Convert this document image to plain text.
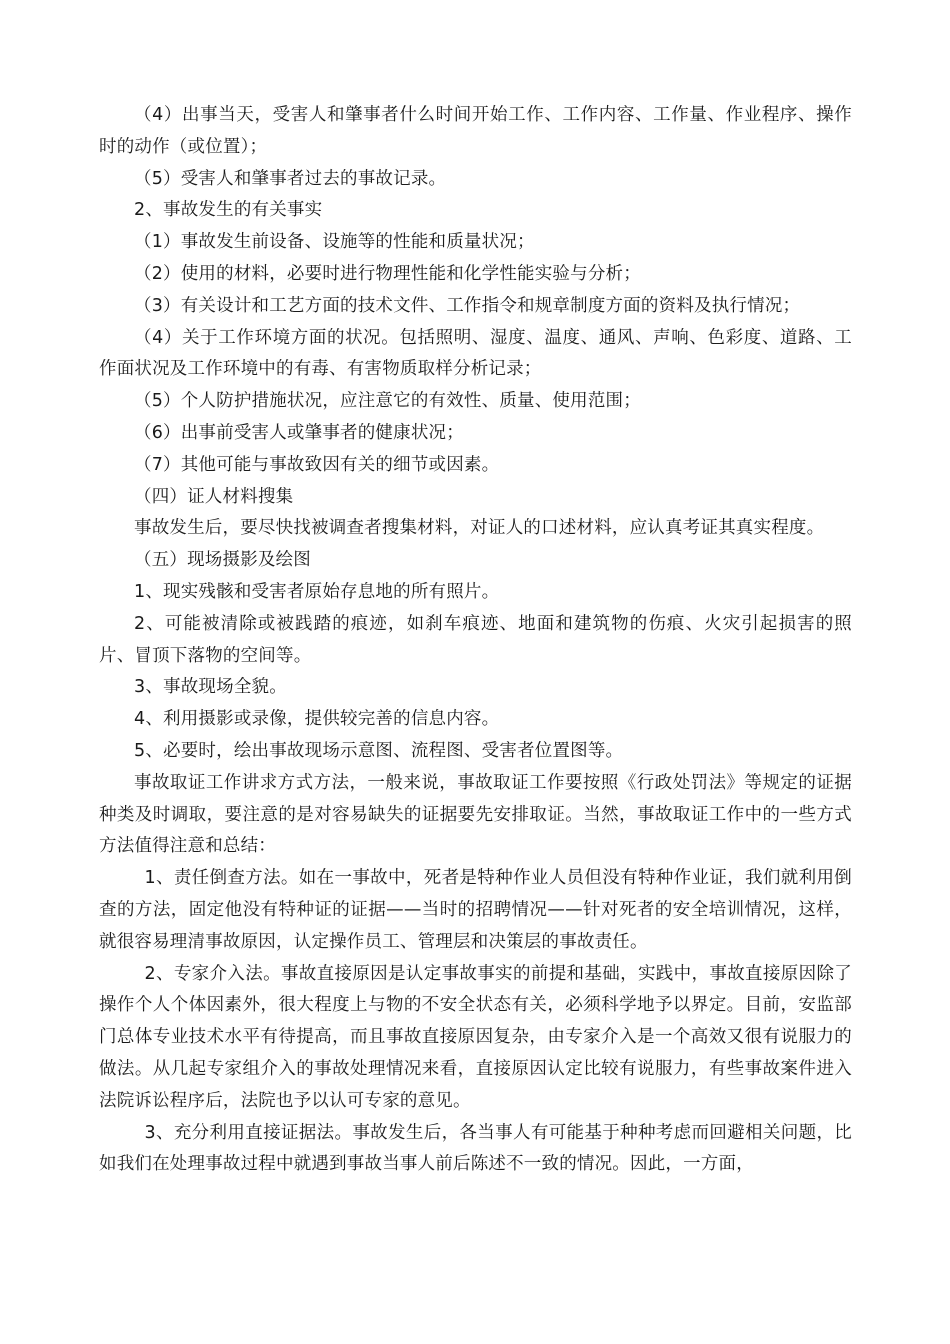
（4）出事当天，受害人和肇事者什么时间开始工作、工作内容、工作量、作业程序、操作时的动作（或位置）；

（5）受害人和肇事者过去的事故记录。

2、事故发生的有关事实

（1）事故发生前设备、设施等的性能和质量状况；

（2）使用的材料，必要时进行物理性能和化学性能实验与分析；

（3）有关设计和工艺方面的技术文件、工作指令和规章制度方面的资料及执行情况；

（4）关于工作环境方面的状况。包括照明、湿度、温度、通风、声响、色彩度、道路、工作面状况及工作环境中的有毒、有害物质取样分析记录；

（5）个人防护措施状况，应注意它的有效性、质量、使用范围；

（6）出事前受害人或肇事者的健康状况；

（7）其他可能与事故致因有关的细节或因素。

（四）证人材料搜集

事故发生后，要尽快找被调查者搜集材料，对证人的口述材料，应认真考证其真实程度。

（五）现场摄影及绘图

1、现实残骸和受害者原始存息地的所有照片。

2、可能被清除或被践踏的痕迹，如刹车痕迹、地面和建筑物的伤痕、火灾引起损害的照片、冒顶下落物的空间等。

3、事故现场全貌。

4、利用摄影或录像，提供较完善的信息内容。

5、必要时，绘出事故现场示意图、流程图、受害者位置图等。

事故取证工作讲求方式方法，一般来说，事故取证工作要按照《行政处罚法》等规定的证据种类及时调取，要注意的是对容易缺失的证据要先安排取证。当然，事故取证工作中的一些方式方法值得注意和总结：

1、责任倒查方法。如在一事故中，死者是特种作业人员但没有特种作业证，我们就利用倒查的方法，固定他没有特种证的证据——当时的招聘情况——针对死者的安全培训情况，这样，就很容易理清事故原因，认定操作员工、管理层和决策层的事故责任。

2、专家介入法。事故直接原因是认定事故事实的前提和基础，实践中，事故直接原因除了操作个人个体因素外，很大程度上与物的不安全状态有关，必须科学地予以界定。目前，安监部门总体专业技术水平有待提高，而且事故直接原因复杂，由专家介入是一个高效又很有说服力的做法。从几起专家组介入的事故处理情况来看，直接原因认定比较有说服力，有些事故案件进入法院诉讼程序后，法院也予以认可专家的意见。

3、充分利用直接证据法。事故发生后，各当事人有可能基于种种考虑而回避相关问题，比如我们在处理事故过程中就遇到事故当事人前后陈述不一致的情况。因此，一方面，
